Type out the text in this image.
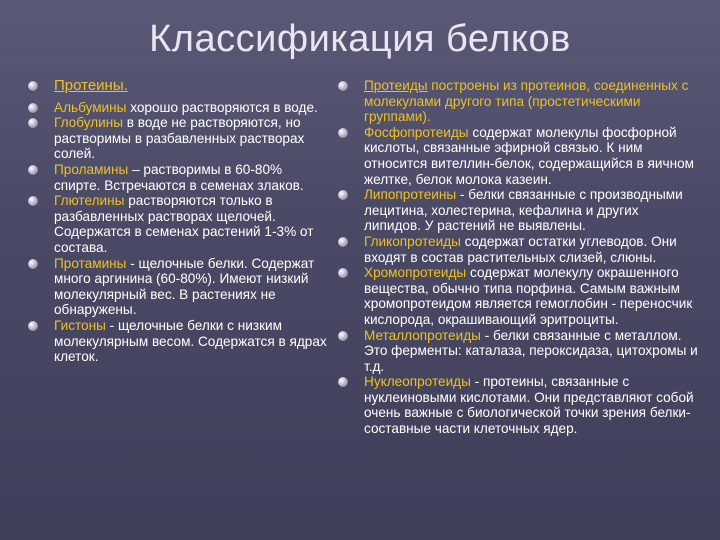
Классификация белков
Протеины.
Альбумины хорошо растворяются в воде.
Глобулины в воде не растворяются, но растворимы в разбавленных растворах солей.
Проламины – растворимы в 60-80% спирте. Встречаются в семенах злаков.
Глютелины растворяются только в разбавленных растворах щелочей. Содержатся в семенах растений 1-3% от состава.
Протамины - щелочные белки. Содержат много аргинина (60-80%). Имеют низкий молекулярный вес. В растениях не обнаружены.
Гистоны - щелочные белки с низким молекулярным весом. Содержатся в ядрах клеток.
Протеиды построены из протеинов, соединенных с молекулами другого типа (простетическими группами).
Фосфопротеиды содержат молекулы фосфорной кислоты, связанные эфирной связью. К ним относится вителлин-белок, содержащийся в яичном желтке, белок молока казеин.
Липопротеины - белки связанные с производными лецитина, холестерина, кефалина и других липидов. У растений не выявлены.
Гликопротеиды содержат остатки углеводов. Они входят в состав растительных слизей, слюны.
Хромопротеиды содержат молекулу окрашенного вещества, обычно типа порфина. Самым важным хромопротеидом является гемоглобин - переносчик кислорода, окрашивающий эритроциты.
Металлопротеиды - белки связанные с металлом. Это ферменты: каталаза, пероксидаза, цитохромы и т.д.
Нуклеопротеиды - протеины, связанные с нуклеиновыми кислотами. Они представляют собой очень важные с биологической точки зрения белки- составные части клеточных ядер.
